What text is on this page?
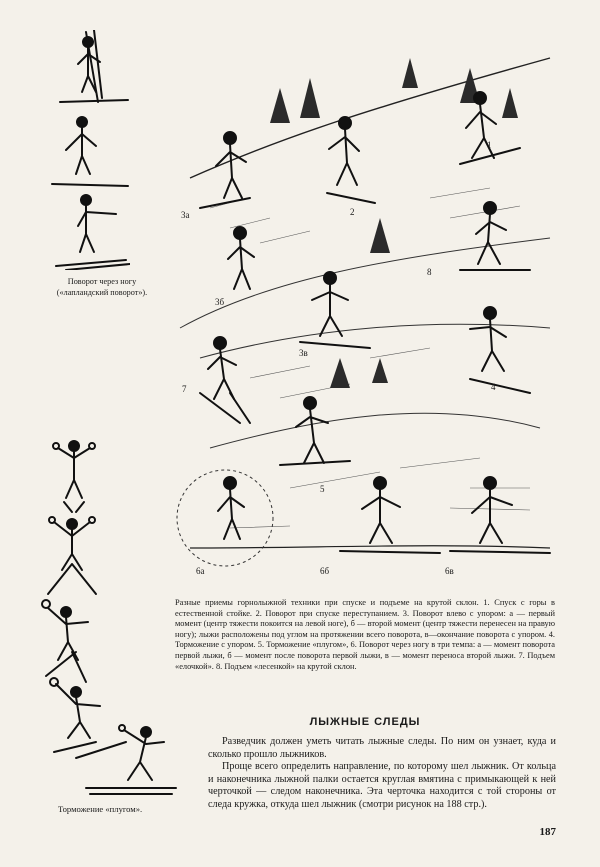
1
2
3а
3б
3в
4
5
6а	6б	6в
7
8
Поворот через ногу («лапландский поворот»).
Торможение «плугом».

Разные приемы горнолыжной техники при спуске и подъеме на крутой склон. 1. Спуск с горы в естественной стойке. 2. Поворот при спуске переступанием. 3. Поворот влево с упором: а — первый момент (центр тяжести покоится на левой ноге), б — второй момент (центр тяжести перенесен на правую ногу); лыжи расположены под углом на протяжении всего поворота, в—окончание поворота с упором. 4. Торможение с упором. 5. Торможение «плугом», 6. Поворот через ногу в три темпа: а — момент поворота первой лыжи, б — момент после поворота первой лыжи, в — момент переноса второй лыжи. 7. Подъем «елочкой». 8. Подъем «лесенкой» на крутой склон.

ЛЫЖНЫЕ СЛЕДЫ

Разведчик должен уметь читать лыжные следы. По ним он узнает, куда и сколько прошло лыжников.

Проще всего определить направление, по которому шел лыжник. От кольца и наконечника лыжной палки остается круглая вмятина с примыкающей к ней черточкой — следом наконечника. Эта черточка находится с той стороны от следа кружка, откуда шел лыжник (смотри рисунок на 188 стр.).

187
